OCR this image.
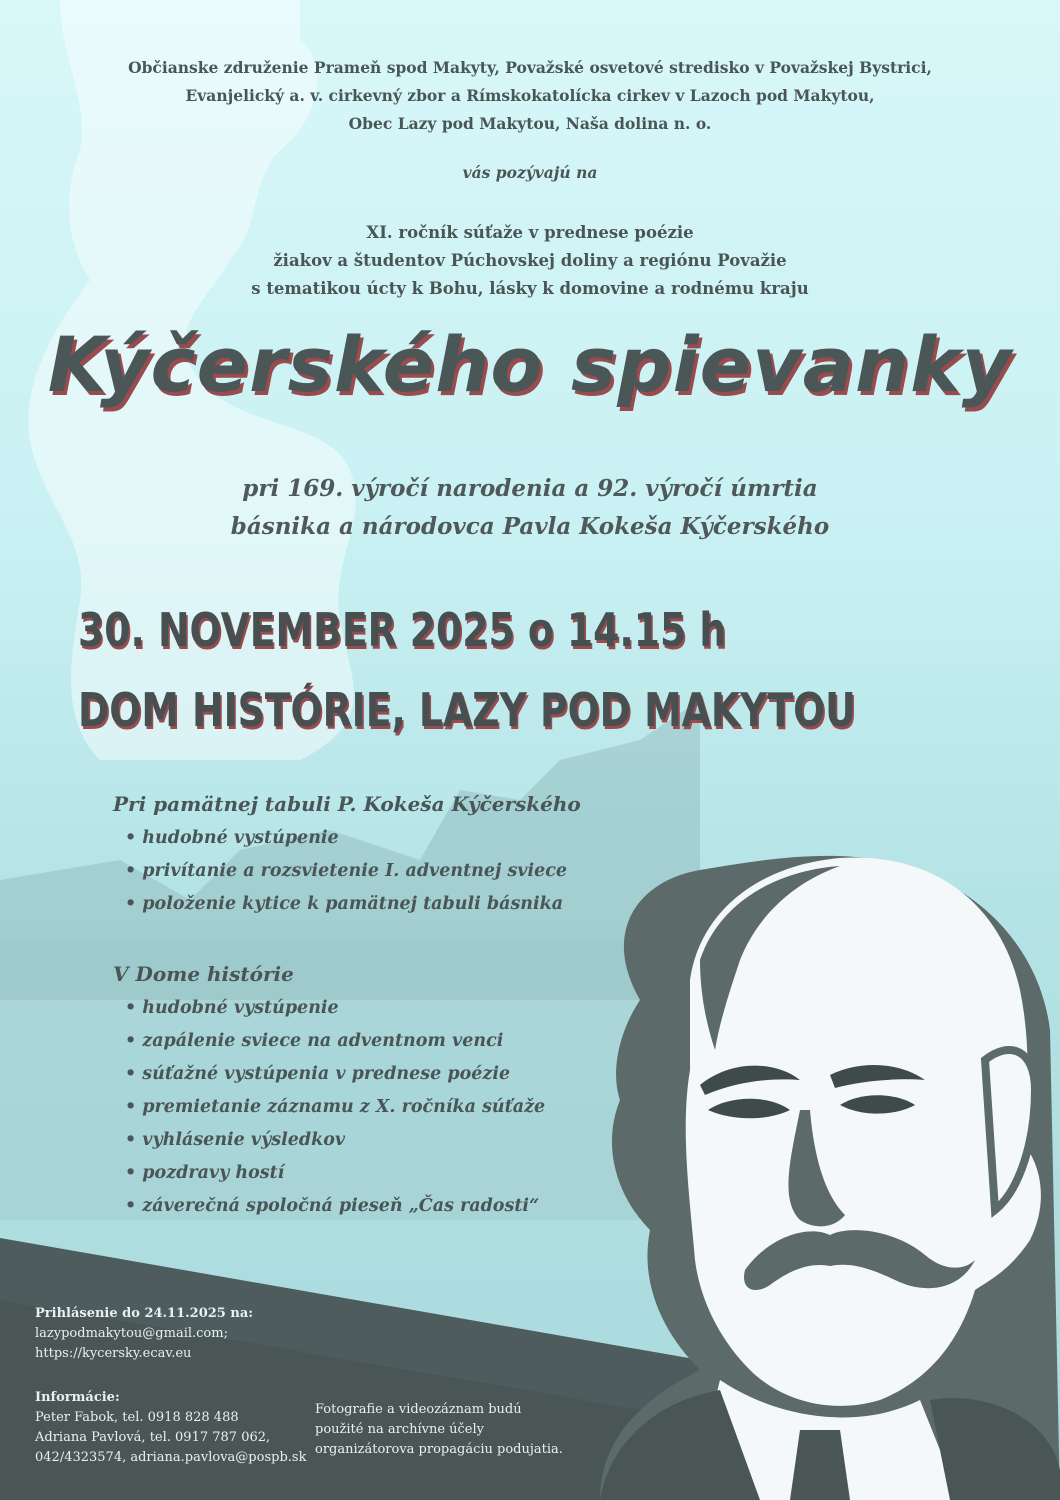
Občianske združenie Prameň spod Makyty, Považské osvetové stredisko v Považskej Bystrici,
Evanjelický a. v. cirkevný zbor a Rímskokatolícka cirkev v Lazoch pod Makytou,
Obec Lazy pod Makytou, Naša dolina n. o.
vás pozývajú na
XI. ročník súťaže v prednese poézie
žiakov a študentov Púchovskej doliny a regiónu Považie
s tematikou úcty k Bohu, lásky k domovine a rodnému kraju
Kýčerského spievanky
pri 169. výročí narodenia a 92. výročí úmrtia
básnika a národovca Pavla Kokeša Kýčerského
30. NOVEMBER 2025 o 14.15 h
DOM HISTÓRIE, LAZY POD MAKYTOU
Pri pamätnej tabuli P. Kokeša Kýčerského
• hudobné vystúpenie
• privítanie a rozsvietenie I. adventnej sviece
• položenie kytice k pamätnej tabuli básnika
V Dome histórie
• hudobné vystúpenie
• zapálenie sviece na adventnom venci
• súťažné vystúpenia v prednese poézie
• premietanie záznamu z X. ročníka súťaže
• vyhlásenie výsledkov
• pozdravy hostí
• záverečná spoločná pieseň „Čas radosti“
Prihlásenie do 24.11.2025 na:
lazypodmakytou@gmail.com;
https://kycersky.ecav.eu
Informácie:
Peter Fabok, tel. 0918 828 488
Adriana Pavlová, tel. 0917 787 062,
042/4323574, adriana.pavlova@pospb.sk
Fotografie a videozáznam budú
použité na archívne účely
organizátorova propagáciu podujatia.
